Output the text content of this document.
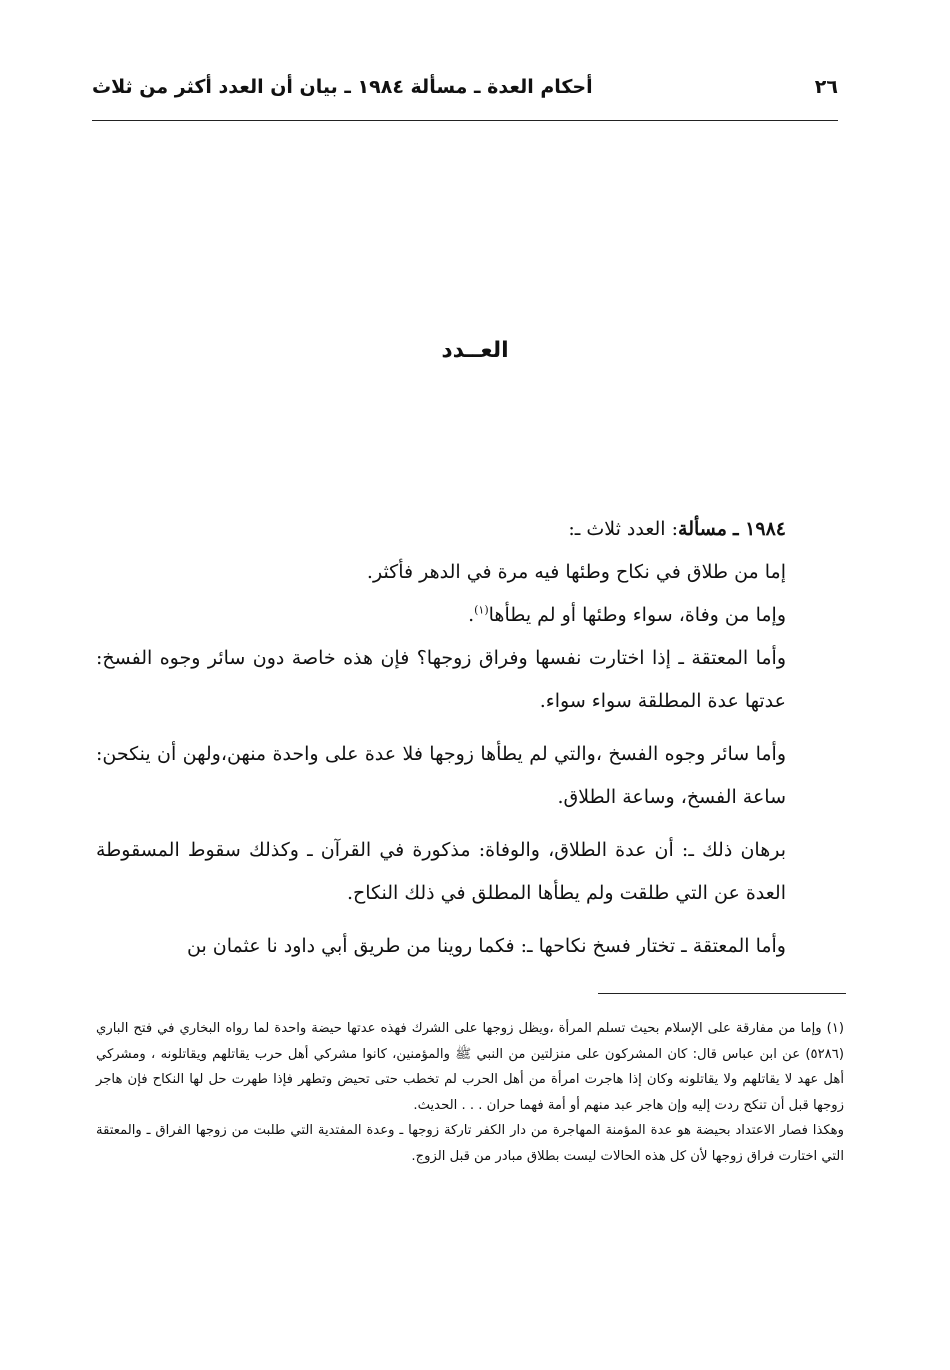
٢٦
أحكام العدة ـ مسألة ١٩٨٤ ـ بيان أن العدد أكثر من ثلاث
العــدد

١٩٨٤ ـ مسألة: العدد ثلاث ـ:

إما من طلاق في نكاح وطئها فيه مرة في الدهر فأكثر.

وإما من وفاة، سواء وطئها أو لم يطأها$^{(١)}$.

وأما المعتقة ـ إذا اختارت نفسها وفراق زوجها؟ فإن هذه خاصة دون سائر وجوه الفسخ: عدتها عدة المطلقة سواء سواء.

وأما سائر وجوه الفسخ ،والتي لم يطأها زوجها فلا عدة على واحدة منهن،ولهن أن ينكحن: ساعة الفسخ، وساعة الطلاق.

برهان ذلك ـ: أن عدة الطلاق، والوفاة: مذكورة في القرآن ـ وكذلك سقوط المسقوطة العدة عن التي طلقت ولم يطأها المطلق في ذلك النكاح.

وأما المعتقة ـ تختار فسخ نكاحها ـ: فكما روينا من طريق أبي داود نا عثمان بن

(١) وإما من مفارقة على الإسلام بحيث تسلم المرأة ،ويظل زوجها على الشرك فهذه عدتها حيضة واحدة لما رواه البخاري في فتح الباري (٥٢٨٦) عن ابن عباس قال: كان المشركون على منزلتين من النبي ﷺ والمؤمنين، كانوا مشركي أهل حرب يقاتلهم ويقاتلونه ، ومشركي أهل عهد لا يقاتلهم ولا يقاتلونه وكان إذا هاجرت امرأة من أهل الحرب لم تخطب حتى تحيض وتطهر فإذا طهرت حل لها النكاح فإن هاجر زوجها قبل أن تنكح ردت إليه وإن هاجر عبد منهم أو أمة فهما حران . . . الحديث.

وهكذا فصار الاعتداد بحيضة هو عدة المؤمنة المهاجرة من دار الكفر تاركة زوجها ـ وعدة المفتدية التي طلبت من زوجها الفراق ـ والمعتقة التي اختارت فراق زوجها لأن كل هذه الحالات ليست بطلاق مبادر من قبل الزوج.
